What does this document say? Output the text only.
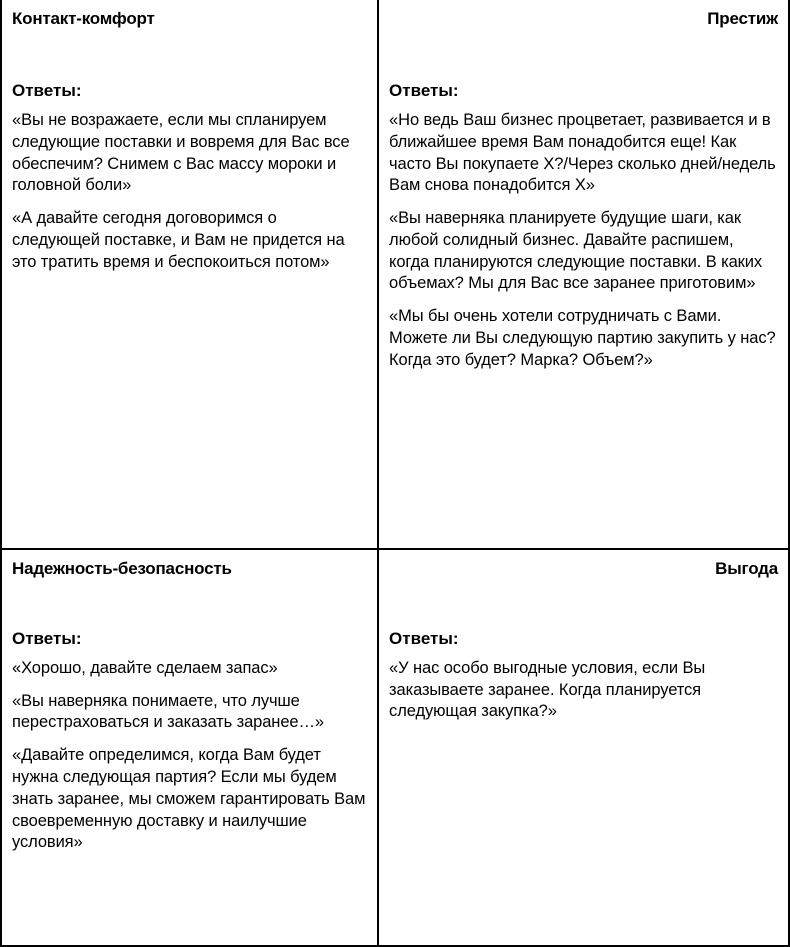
Контакт-комфорт
Ответы:

«Вы не возражаете, если мы спланируем следующие поставки и вовремя для Вас все обеспечим? Снимем с Вас массу мороки и головной боли»

«А давайте сегодня договоримся о следующей поставке, и Вам не придется на это тратить время и беспокоиться потом»

Престиж
Ответы:

«Но ведь Ваш бизнес процветает, развивается и в ближайшее время Вам понадобится еще! Как часто Вы покупаете Х?/Через сколько дней/недель Вам снова понадобится Х»

«Вы наверняка планируете будущие шаги, как любой солидный бизнес. Давайте распишем, когда планируются следующие поставки. В каких объемах? Мы для Вас все заранее приготовим»

«Мы бы очень хотели сотрудничать с Вами. Можете ли Вы следующую партию закупить у нас? Когда это будет? Марка? Объем?»

Надежность-безопасность
Ответы:

«Хорошо, давайте сделаем запас»

«Вы наверняка понимаете, что лучше перестраховаться и заказать заранее…»

«Давайте определимся, когда Вам будет нужна следующая партия? Если мы будем знать заранее, мы сможем гарантировать Вам своевременную доставку и наилучшие условия»

Выгода
Ответы:

«У нас особо выгодные условия, если Вы заказываете заранее. Когда планируется следующая закупка?»
